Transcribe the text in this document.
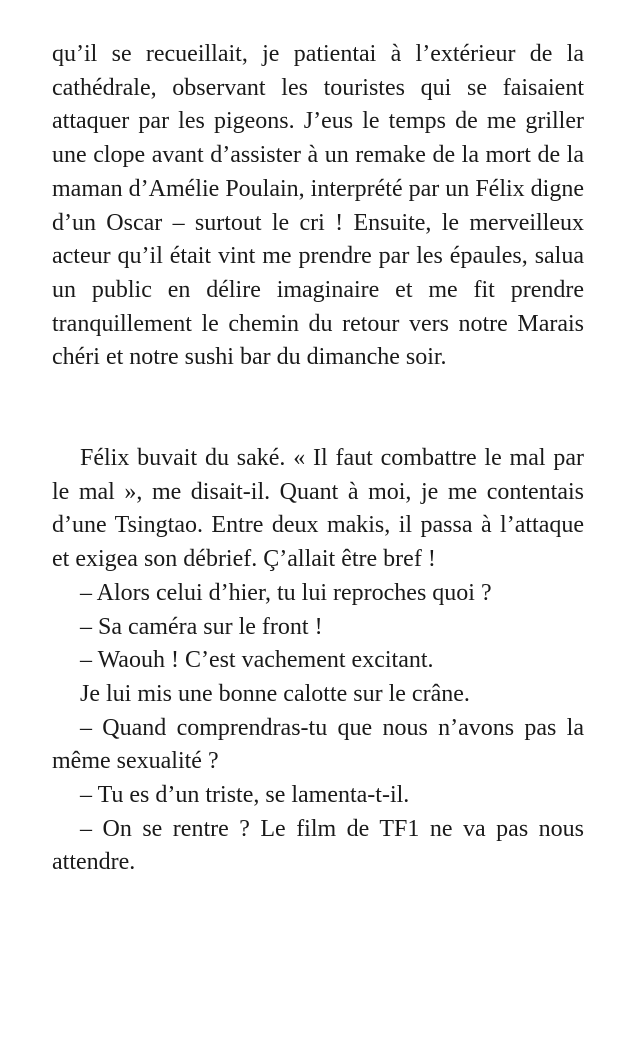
qu’il se recueillait, je patientai à l’extérieur de la cathédrale, observant les touristes qui se faisaient attaquer par les pigeons. J’eus le temps de me griller une clope avant d’assister à un remake de la mort de la maman d’Amélie Poulain, interprété par un Félix digne d’un Oscar – surtout le cri ! Ensuite, le merveilleux acteur qu’il était vint me prendre par les épaules, salua un public en délire imaginaire et me fit prendre tranquillement le chemin du retour vers notre Marais chéri et notre sushi bar du dimanche soir.

Félix buvait du saké. « Il faut combattre le mal par le mal », me disait-il. Quant à moi, je me contentais d’une Tsingtao. Entre deux makis, il passa à l’attaque et exigea son débrief. Ç’allait être bref !

– Alors celui d’hier, tu lui reproches quoi ?

– Sa caméra sur le front !

– Waouh ! C’est vachement excitant.

Je lui mis une bonne calotte sur le crâne.

– Quand comprendras-tu que nous n’avons pas la même sexualité ?

– Tu es d’un triste, se lamenta-t-il.

– On se rentre ? Le film de TF1 ne va pas nous attendre.
